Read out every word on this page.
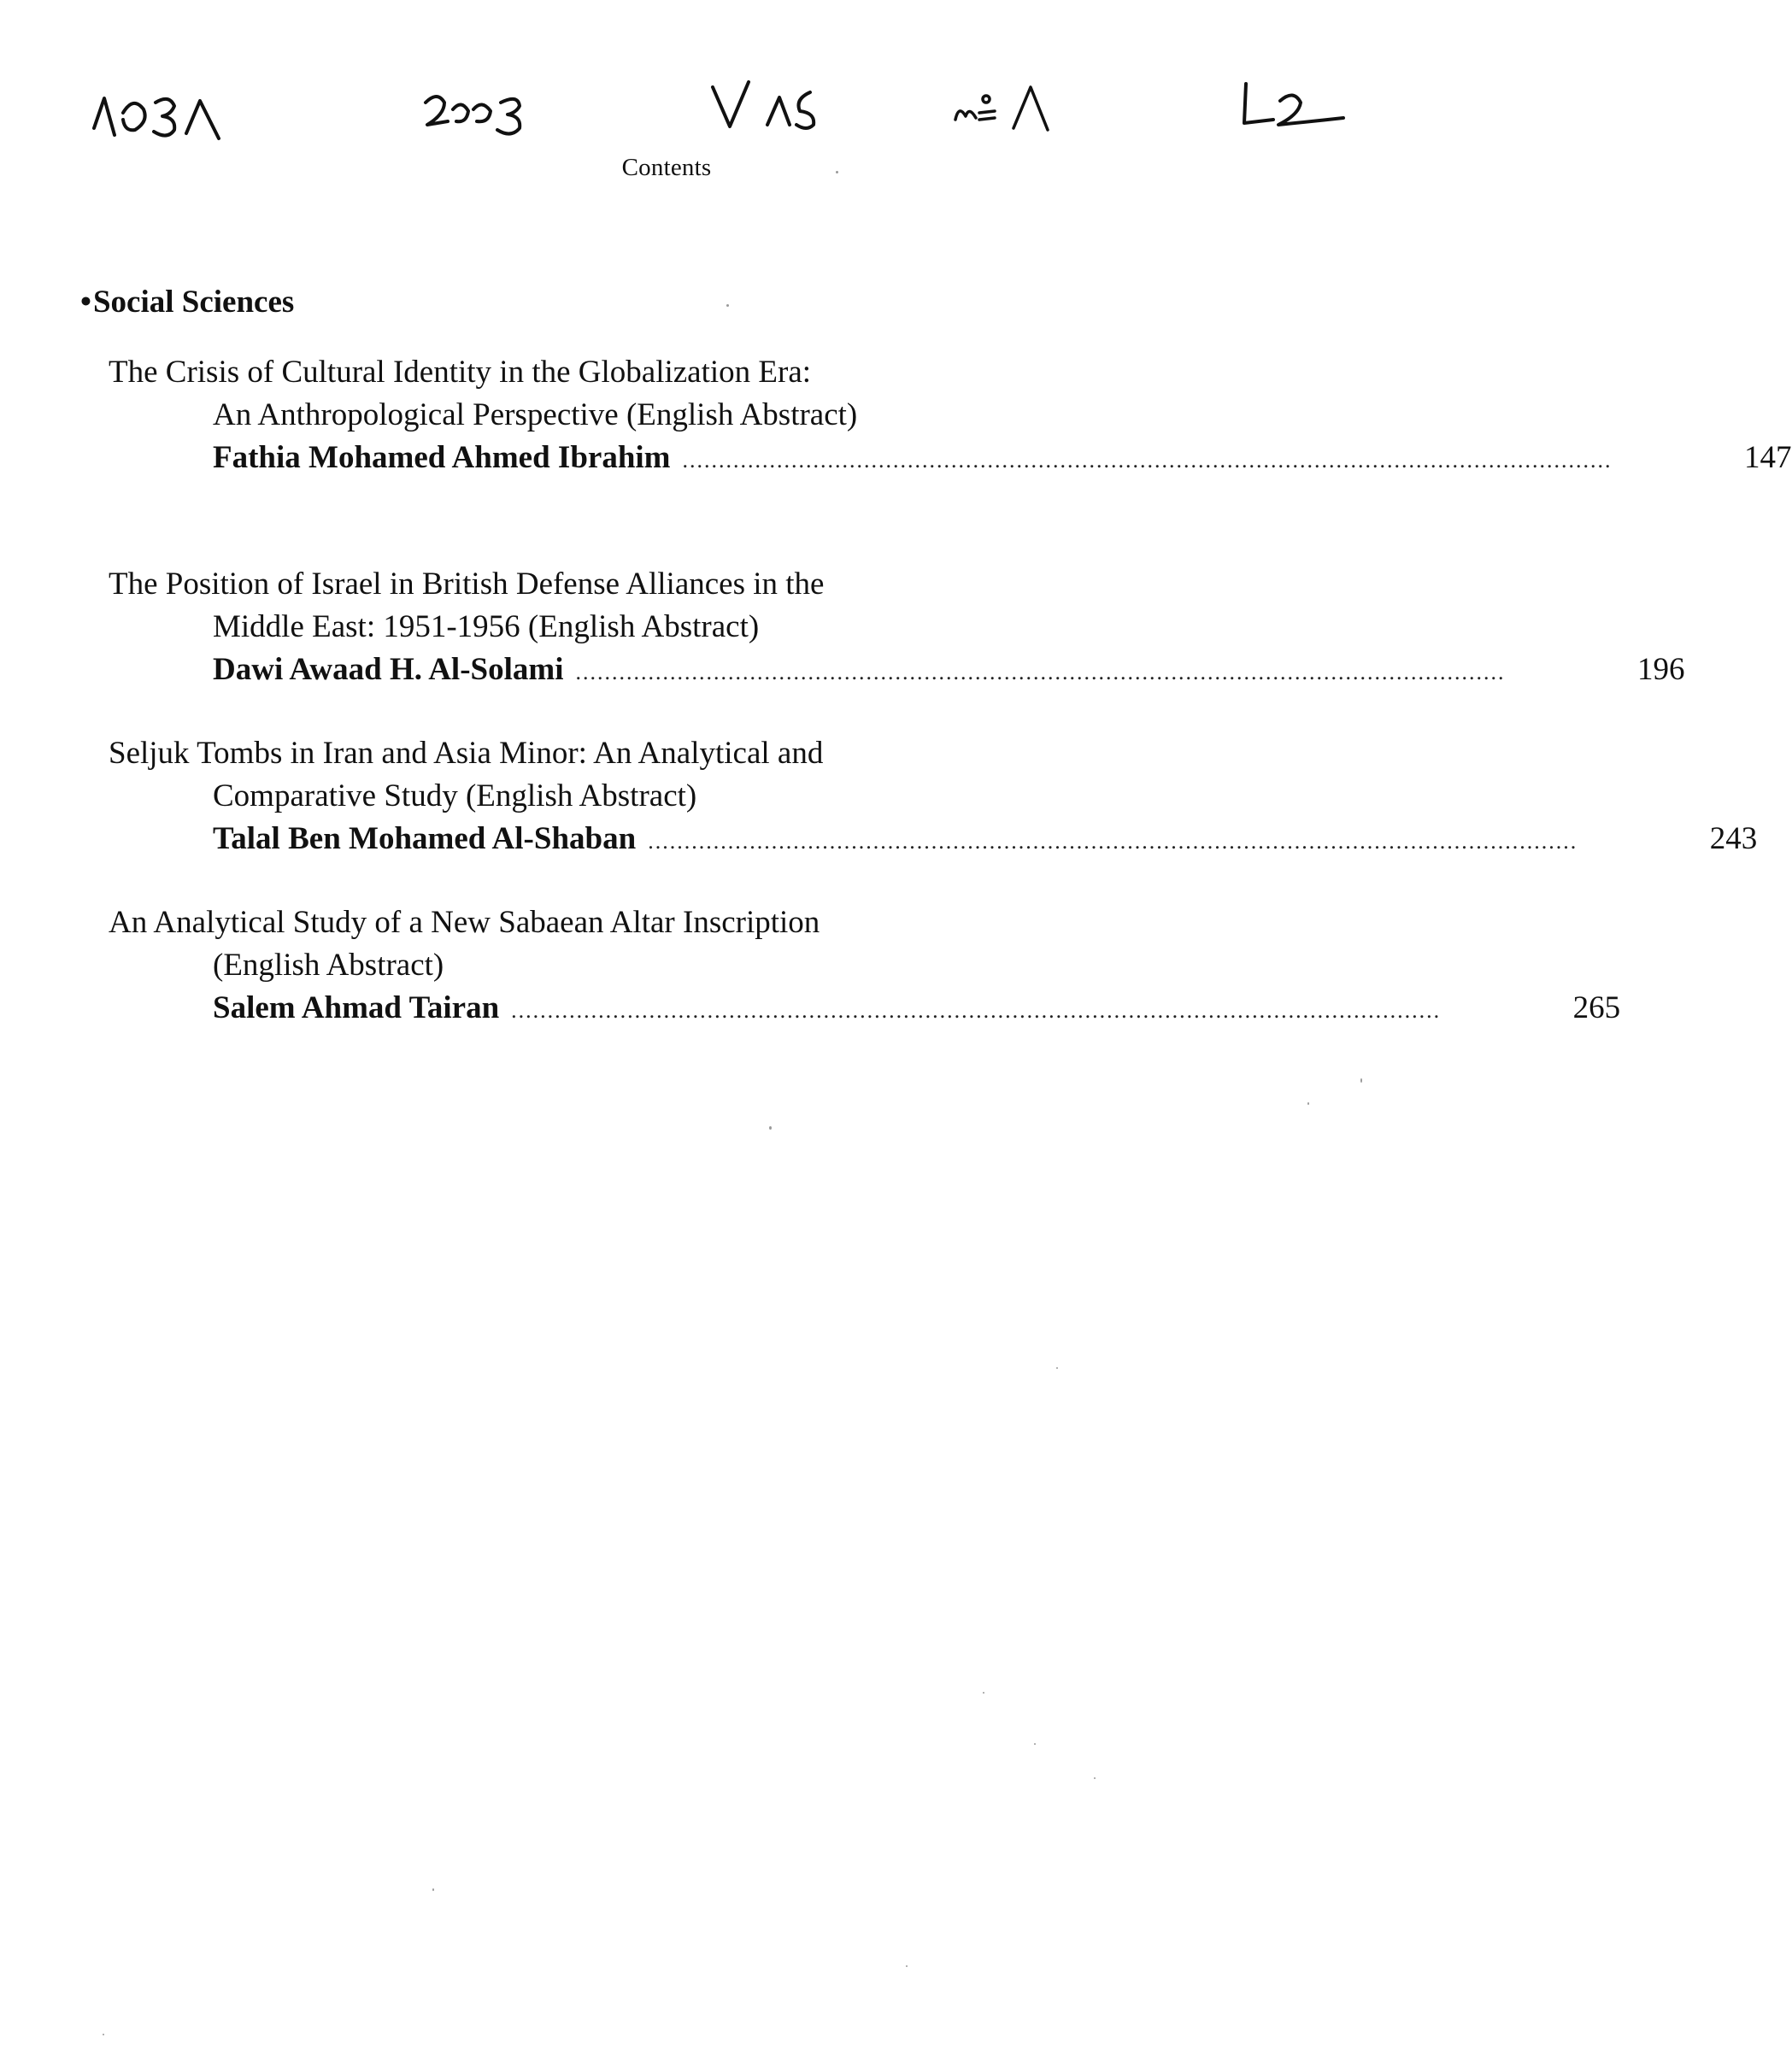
Contents
•Social Sciences
The Crisis of Cultural Identity in the Globalization Era:
An Anthropological Perspective (English Abstract)
Fathia Mohamed Ahmed Ibrahim ................................................................................................................................	147
The Position of Israel in British Defense Alliances in the
Middle East: 1951-1956 (English Abstract)
Dawi Awaad H. Al-Solami ................................................................................................................................	196
Seljuk Tombs in Iran and Asia Minor: An Analytical and
Comparative Study (English Abstract)
Talal Ben Mohamed Al-Shaban ................................................................................................................................	243
An Analytical Study of a New Sabaean Altar Inscription
(English Abstract)
Salem Ahmad Tairan ................................................................................................................................	265
